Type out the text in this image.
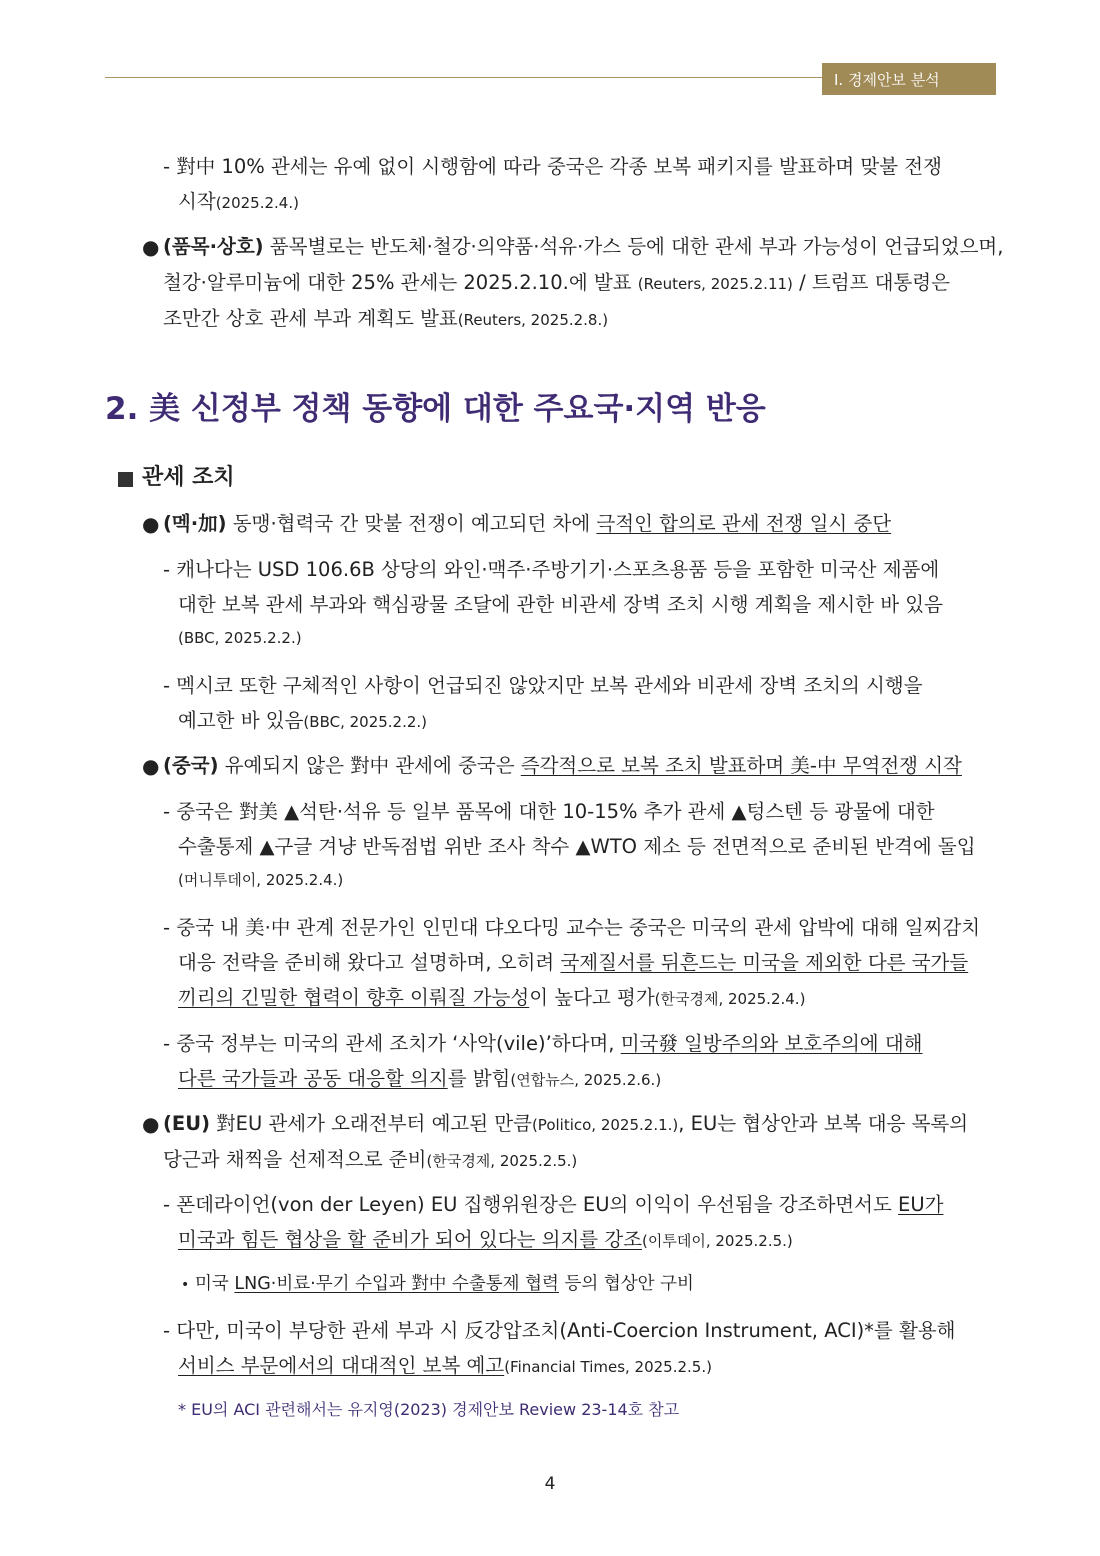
Ⅰ. 경제안보 분석
- 對中 10% 관세는 유예 없이 시행함에 따라 중국은 각종 보복 패키지를 발표하며 맞불 전쟁
시작(2025.2.4.)
● (품목·상호) 품목별로는 반도체·철강·의약품·석유·가스 등에 대한 관세 부과 가능성이 언급되었으며,
철강·알루미늄에 대한 25% 관세는 2025.2.10.에 발표 (Reuters, 2025.2.11) / 트럼프 대통령은
조만간 상호 관세 부과 계획도 발표(Reuters, 2025.2.8.)
2. 美 신정부 정책 동향에 대한 주요국·지역 반응
관세 조치
● (멕·加) 동맹·협력국 간 맞불 전쟁이 예고되던 차에 극적인 합의로 관세 전쟁 일시 중단
- 캐나다는 USD 106.6B 상당의 와인·맥주·주방기기·스포츠용품 등을 포함한 미국산 제품에
대한 보복 관세 부과와 핵심광물 조달에 관한 비관세 장벽 조치 시행 계획을 제시한 바 있음
(BBC, 2025.2.2.)
- 멕시코 또한 구체적인 사항이 언급되진 않았지만 보복 관세와 비관세 장벽 조치의 시행을
예고한 바 있음(BBC, 2025.2.2.)
● (중국) 유예되지 않은 對中 관세에 중국은 즉각적으로 보복 조치 발표하며 美-中 무역전쟁 시작
- 중국은 對美 ▲석탄·석유 등 일부 품목에 대한 10-15% 추가 관세 ▲텅스텐 등 광물에 대한
수출통제 ▲구글 겨냥 반독점법 위반 조사 착수 ▲WTO 제소 등 전면적으로 준비된 반격에 돌입
(머니투데이, 2025.2.4.)
- 중국 내 美·中 관계 전문가인 인민대 댜오다밍 교수는 중국은 미국의 관세 압박에 대해 일찌감치
대응 전략을 준비해 왔다고 설명하며, 오히려 국제질서를 뒤흔드는 미국을 제외한 다른 국가들
끼리의 긴밀한 협력이 향후 이뤄질 가능성이 높다고 평가(한국경제, 2025.2.4.)
- 중국 정부는 미국의 관세 조치가 ‘사악(vile)’하다며, 미국發 일방주의와 보호주의에 대해
다른 국가들과 공동 대응할 의지를 밝힘(연합뉴스, 2025.2.6.)
● (EU) 對EU 관세가 오래전부터 예고된 만큼(Politico, 2025.2.1.), EU는 협상안과 보복 대응 목록의
당근과 채찍을 선제적으로 준비(한국경제, 2025.2.5.)
- 폰데라이언(von der Leyen) EU 집행위원장은 EU의 이익이 우선됨을 강조하면서도 EU가
미국과 힘든 협상을 할 준비가 되어 있다는 의지를 강조(이투데이, 2025.2.5.)
• 미국 LNG·비료·무기 수입과 對中 수출통제 협력 등의 협상안 구비
- 다만, 미국이 부당한 관세 부과 시 反강압조치(Anti-Coercion Instrument, ACI)*를 활용해
서비스 부문에서의 대대적인 보복 예고(Financial Times, 2025.2.5.)
* EU의 ACI 관련해서는 유지영(2023) 경제안보 Review 23-14호 참고
4
